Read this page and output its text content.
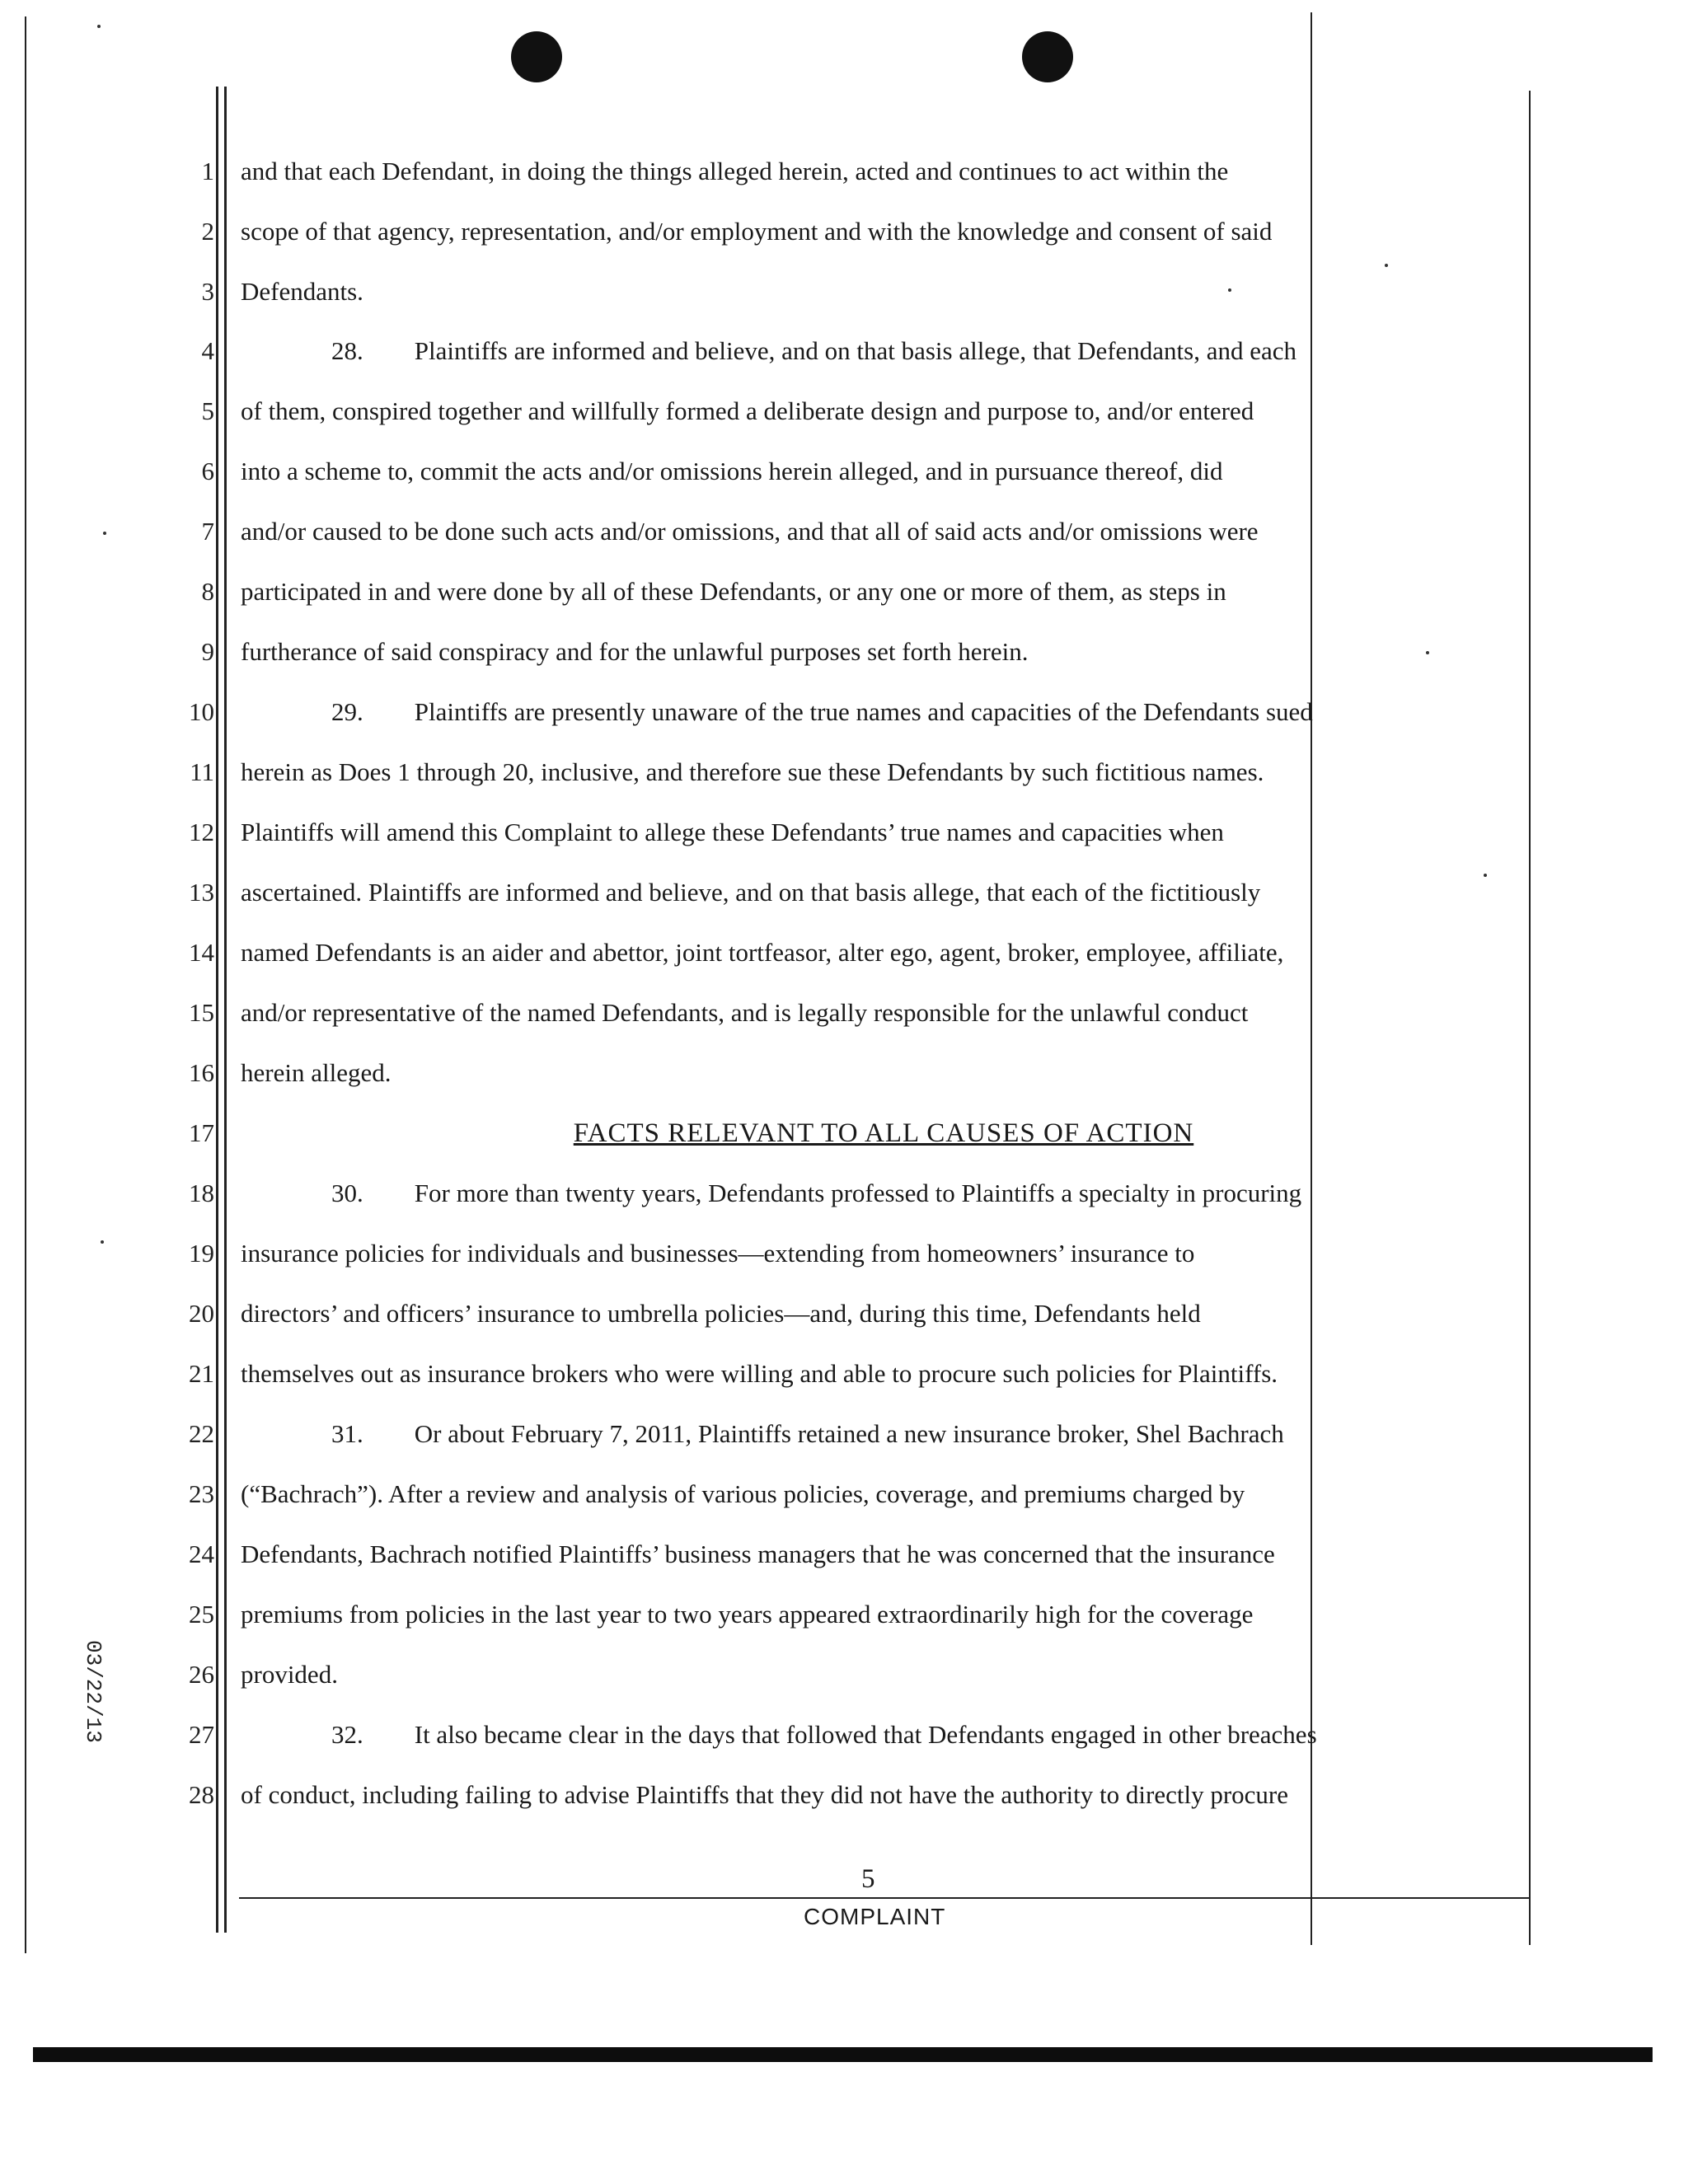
03/22/13
1
2
3
4
5
6
7
8
9
10
11
12
13
14
15
16
17
18
19
20
21
22
23
24
25
26
27
28
and that each Defendant, in doing the things alleged herein, acted and continues to act within the
scope of that agency, representation, and/or employment and with the knowledge and consent of said
Defendants.
28.  Plaintiffs are informed and believe, and on that basis allege, that Defendants, and each
of them, conspired together and willfully formed a deliberate design and purpose to, and/or entered
into a scheme to, commit the acts and/or omissions herein alleged, and in pursuance thereof, did
and/or caused to be done such acts and/or omissions, and that all of said acts and/or omissions were
participated in and were done by all of these Defendants, or any one or more of them, as steps in
furtherance of said conspiracy and for the unlawful purposes set forth herein.
29.  Plaintiffs are presently unaware of the true names and capacities of the Defendants sued
herein as Does 1 through 20, inclusive, and therefore sue these Defendants by such fictitious names.
Plaintiffs will amend this Complaint to allege these Defendants’ true names and capacities when
ascertained. Plaintiffs are informed and believe, and on that basis allege, that each of the fictitiously
named Defendants is an aider and abettor, joint tortfeasor, alter ego, agent, broker, employee, affiliate,
and/or representative of the named Defendants, and is legally responsible for the unlawful conduct
herein alleged.
FACTS RELEVANT TO ALL CAUSES OF ACTION
30.  For more than twenty years, Defendants professed to Plaintiffs a specialty in procuring
insurance policies for individuals and businesses—extending from homeowners’ insurance to
directors’ and officers’ insurance to umbrella policies—and, during this time, Defendants held
themselves out as insurance brokers who were willing and able to procure such policies for Plaintiffs.
31.  Or about February 7, 2011, Plaintiffs retained a new insurance broker, Shel Bachrach
(“Bachrach”). After a review and analysis of various policies, coverage, and premiums charged by
Defendants, Bachrach notified Plaintiffs’ business managers that he was concerned that the insurance
premiums from policies in the last year to two years appeared extraordinarily high for the coverage
provided.
32.  It also became clear in the days that followed that Defendants engaged in other breaches
of conduct, including failing to advise Plaintiffs that they did not have the authority to directly procure
5
COMPLAINT
